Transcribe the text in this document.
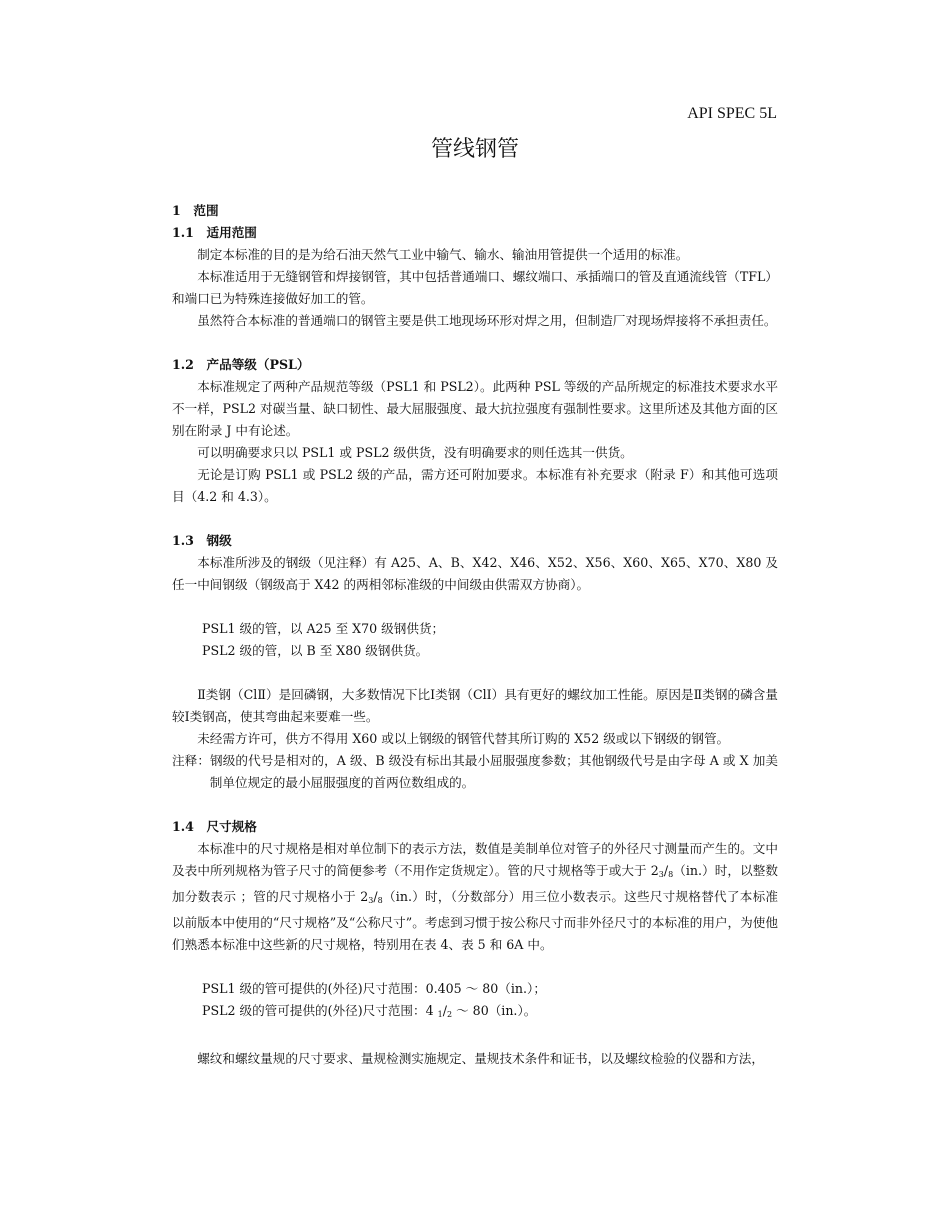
API SPEC 5L
管线钢管

1　范围

1.1　适用范围

制定本标准的目的是为给石油天然气工业中输气、输水、输油用管提供一个适用的标准。

本标准适用于无缝钢管和焊接钢管，其中包括普通端口、螺纹端口、承插端口的管及直通流线管（TFL）和端口已为特殊连接做好加工的管。

虽然符合本标准的普通端口的钢管主要是供工地现场环形对焊之用，但制造厂对现场焊接将不承担责任。

1.2　产品等级（PSL）

本标准规定了两种产品规范等级（PSL1 和 PSL2）。此两种 PSL 等级的产品所规定的标准技术要求水平不一样，PSL2 对碳当量、缺口韧性、最大屈服强度、最大抗拉强度有强制性要求。这里所述及其他方面的区别在附录 J 中有论述。

可以明确要求只以 PSL1 或 PSL2 级供货，没有明确要求的则任选其一供货。

无论是订购 PSL1 或 PSL2 级的产品，需方还可附加要求。本标准有补充要求（附录 F）和其他可选项目（4.2 和 4.3）。

1.3　钢级

本标准所涉及的钢级（见注释）有 A25、A、B、X42、X46、X52、X56、X60、X65、X70、X80 及任一中间钢级（钢级高于 X42 的两相邻标准级的中间级由供需双方协商）。

PSL1 级的管，以 A25 至 X70 级钢供货；

PSL2 级的管，以 B 至 X80 级钢供货。

Ⅱ类钢（ClⅡ）是回磷钢，大多数情况下比Ⅰ类钢（ClⅠ）具有更好的螺纹加工性能。原因是Ⅱ类钢的磷含量较Ⅰ类钢高，使其弯曲起来要难一些。

未经需方许可，供方不得用 X60 或以上钢级的钢管代替其所订购的 X52 级或以下钢级的钢管。

注释：钢级的代号是相对的，A 级、B 级没有标出其最小屈服强度参数；其他钢级代号是由字母 A 或 X 加美制单位规定的最小屈服强度的首两位数组成的。

1.4　尺寸规格

本标准中的尺寸规格是相对单位制下的表示方法，数值是美制单位对管子的外径尺寸测量而产生的。文中及表中所列规格为管子尺寸的简便参考（不用作定货规定）。管的尺寸规格等于或大于 $2^3/_8(in.)$时，以整数加分数表示 ；管的尺寸规格小于 $2^3/_8(in.)$时，（分数部分）用三位小数表示。这些尺寸规格替代了本标准以前版本中使用的“尺寸规格”及“公称尺寸”。考虑到习惯于按公称尺寸而非外径尺寸的本标准的用户，为使他们熟悉本标准中这些新的尺寸规格，特别用在表 4、表 5 和 6A 中。

PSL1 级的管可提供的(外径)尺寸范围：0.405 ～ 80（in.）；

PSL2 级的管可提供的(外径)尺寸范围：4 $^1/_2$ ～ 80（in.）。

螺纹和螺纹量规的尺寸要求、量规检测实施规定、量规技术条件和证书，以及螺纹检验的仪器和方法，
